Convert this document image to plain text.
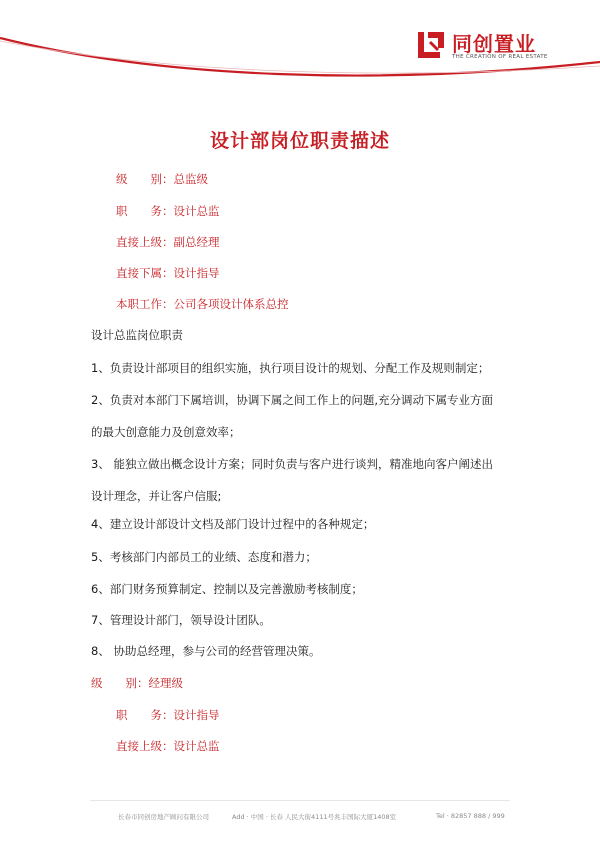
同创置业
THE CREATION OF REAL ESTATE
设计部岗位职责描述
级　　别：总监级
职　　务：设计总监
直接上级：副总经理
直接下属：设计指导
本职工作：公司各项设计体系总控
设计总监岗位职责
1、负责设计部项目的组织实施，执行项目设计的规划、分配工作及规则制定；
2、负责对本部门下属培训，协调下属之间工作上的问题,充分调动下属专业方面
的最大创意能力及创意效率；
3、 能独立做出概念设计方案；同时负责与客户进行谈判，精准地向客户阐述出
设计理念，并让客户信服;
4、建立设计部设计文档及部门设计过程中的各种规定；
5、考核部门内部员工的业绩、态度和潜力；
6、部门财务预算制定、控制以及完善激励考核制度；
7、管理设计部门，领导设计团队。
8、 协助总经理，参与公司的经营管理决策。
级　　别：经理级
职　　务：设计指导
直接上级：设计总监
长春市同创房地产顾问有限公司	Add · 中国 · 长春 人民大街4111号兆丰国际大厦1408室	Tel · 82857 888 / 999
